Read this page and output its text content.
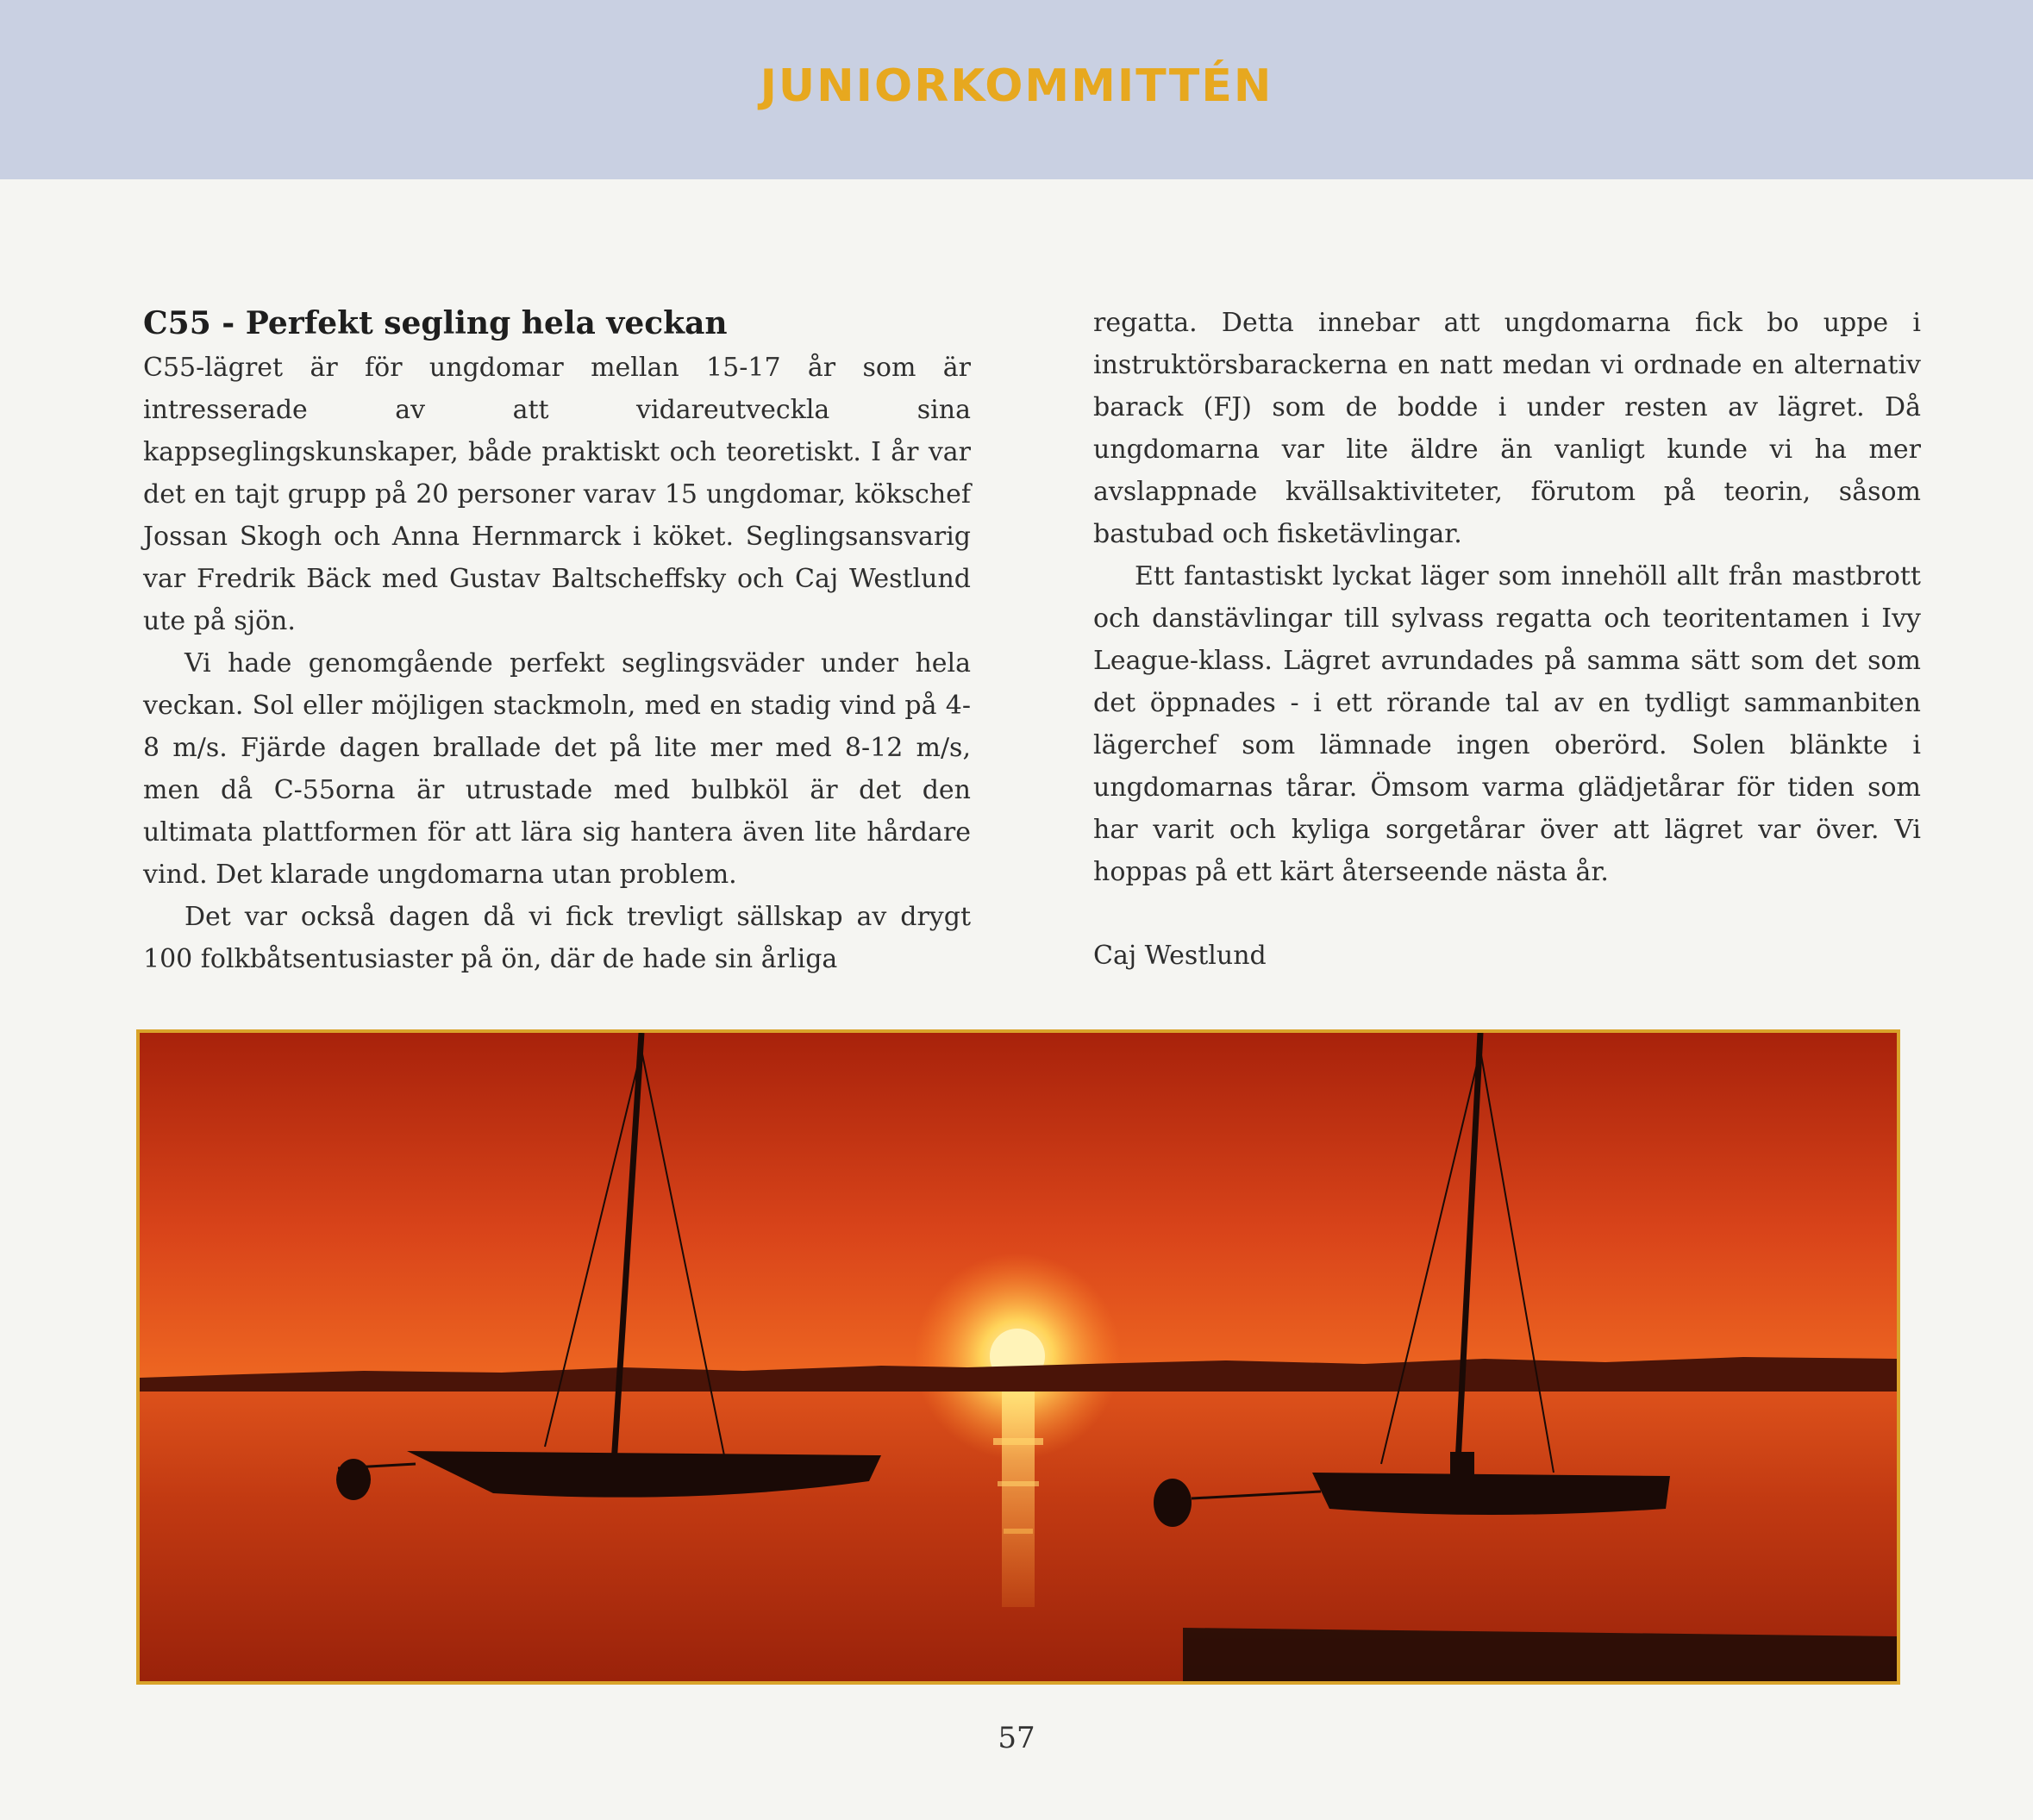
JUNIORKOMMITTÉN
C55 - Perfekt segling hela veckan

C55-lägret är för ungdomar mellan 15-17 år som är intresserade av att vidareutveckla sina kappseglingskunskaper, både praktiskt och teoretiskt. I år var det en tajt grupp på 20 personer varav 15 ungdomar, kökschef Jossan Skogh och Anna Hernmarck i köket. Seglingsansvarig var Fredrik Bäck med Gustav Baltscheffsky och Caj Westlund ute på sjön.

Vi hade genomgående perfekt seglingsväder under hela veckan. Sol eller möjligen stackmoln, med en stadig vind på 4-8 m/s. Fjärde dagen brallade det på lite mer med 8-12 m/s, men då C-55orna är utrustade med bulbköl är det den ultimata plattformen för att lära sig hantera även lite hårdare vind. Det klarade ungdomarna utan problem.

Det var också dagen då vi fick trevligt sällskap av drygt 100 folkbåtsentusiaster på ön, där de hade sin årliga

regatta. Detta innebar att ungdomarna fick bo uppe i instruktörsbarackerna en natt medan vi ordnade en alternativ barack (FJ) som de bodde i under resten av lägret. Då ungdomarna var lite äldre än vanligt kunde vi ha mer avslappnade kvällsaktiviteter, förutom på teorin, såsom bastubad och fisketävlingar.

Ett fantastiskt lyckat läger som innehöll allt från mastbrott och danstävlingar till sylvass regatta och teoritentamen i Ivy League-klass. Lägret avrundades på samma sätt som det som det öppnades - i ett rörande tal av en tydligt sammanbiten lägerchef som lämnade ingen oberörd. Solen blänkte i ungdomarnas tårar. Ömsom varma glädjetårar för tiden som har varit och kyliga sorgetårar över att lägret var över. Vi hoppas på ett kärt återseende nästa år.

Caj Westlund

57
